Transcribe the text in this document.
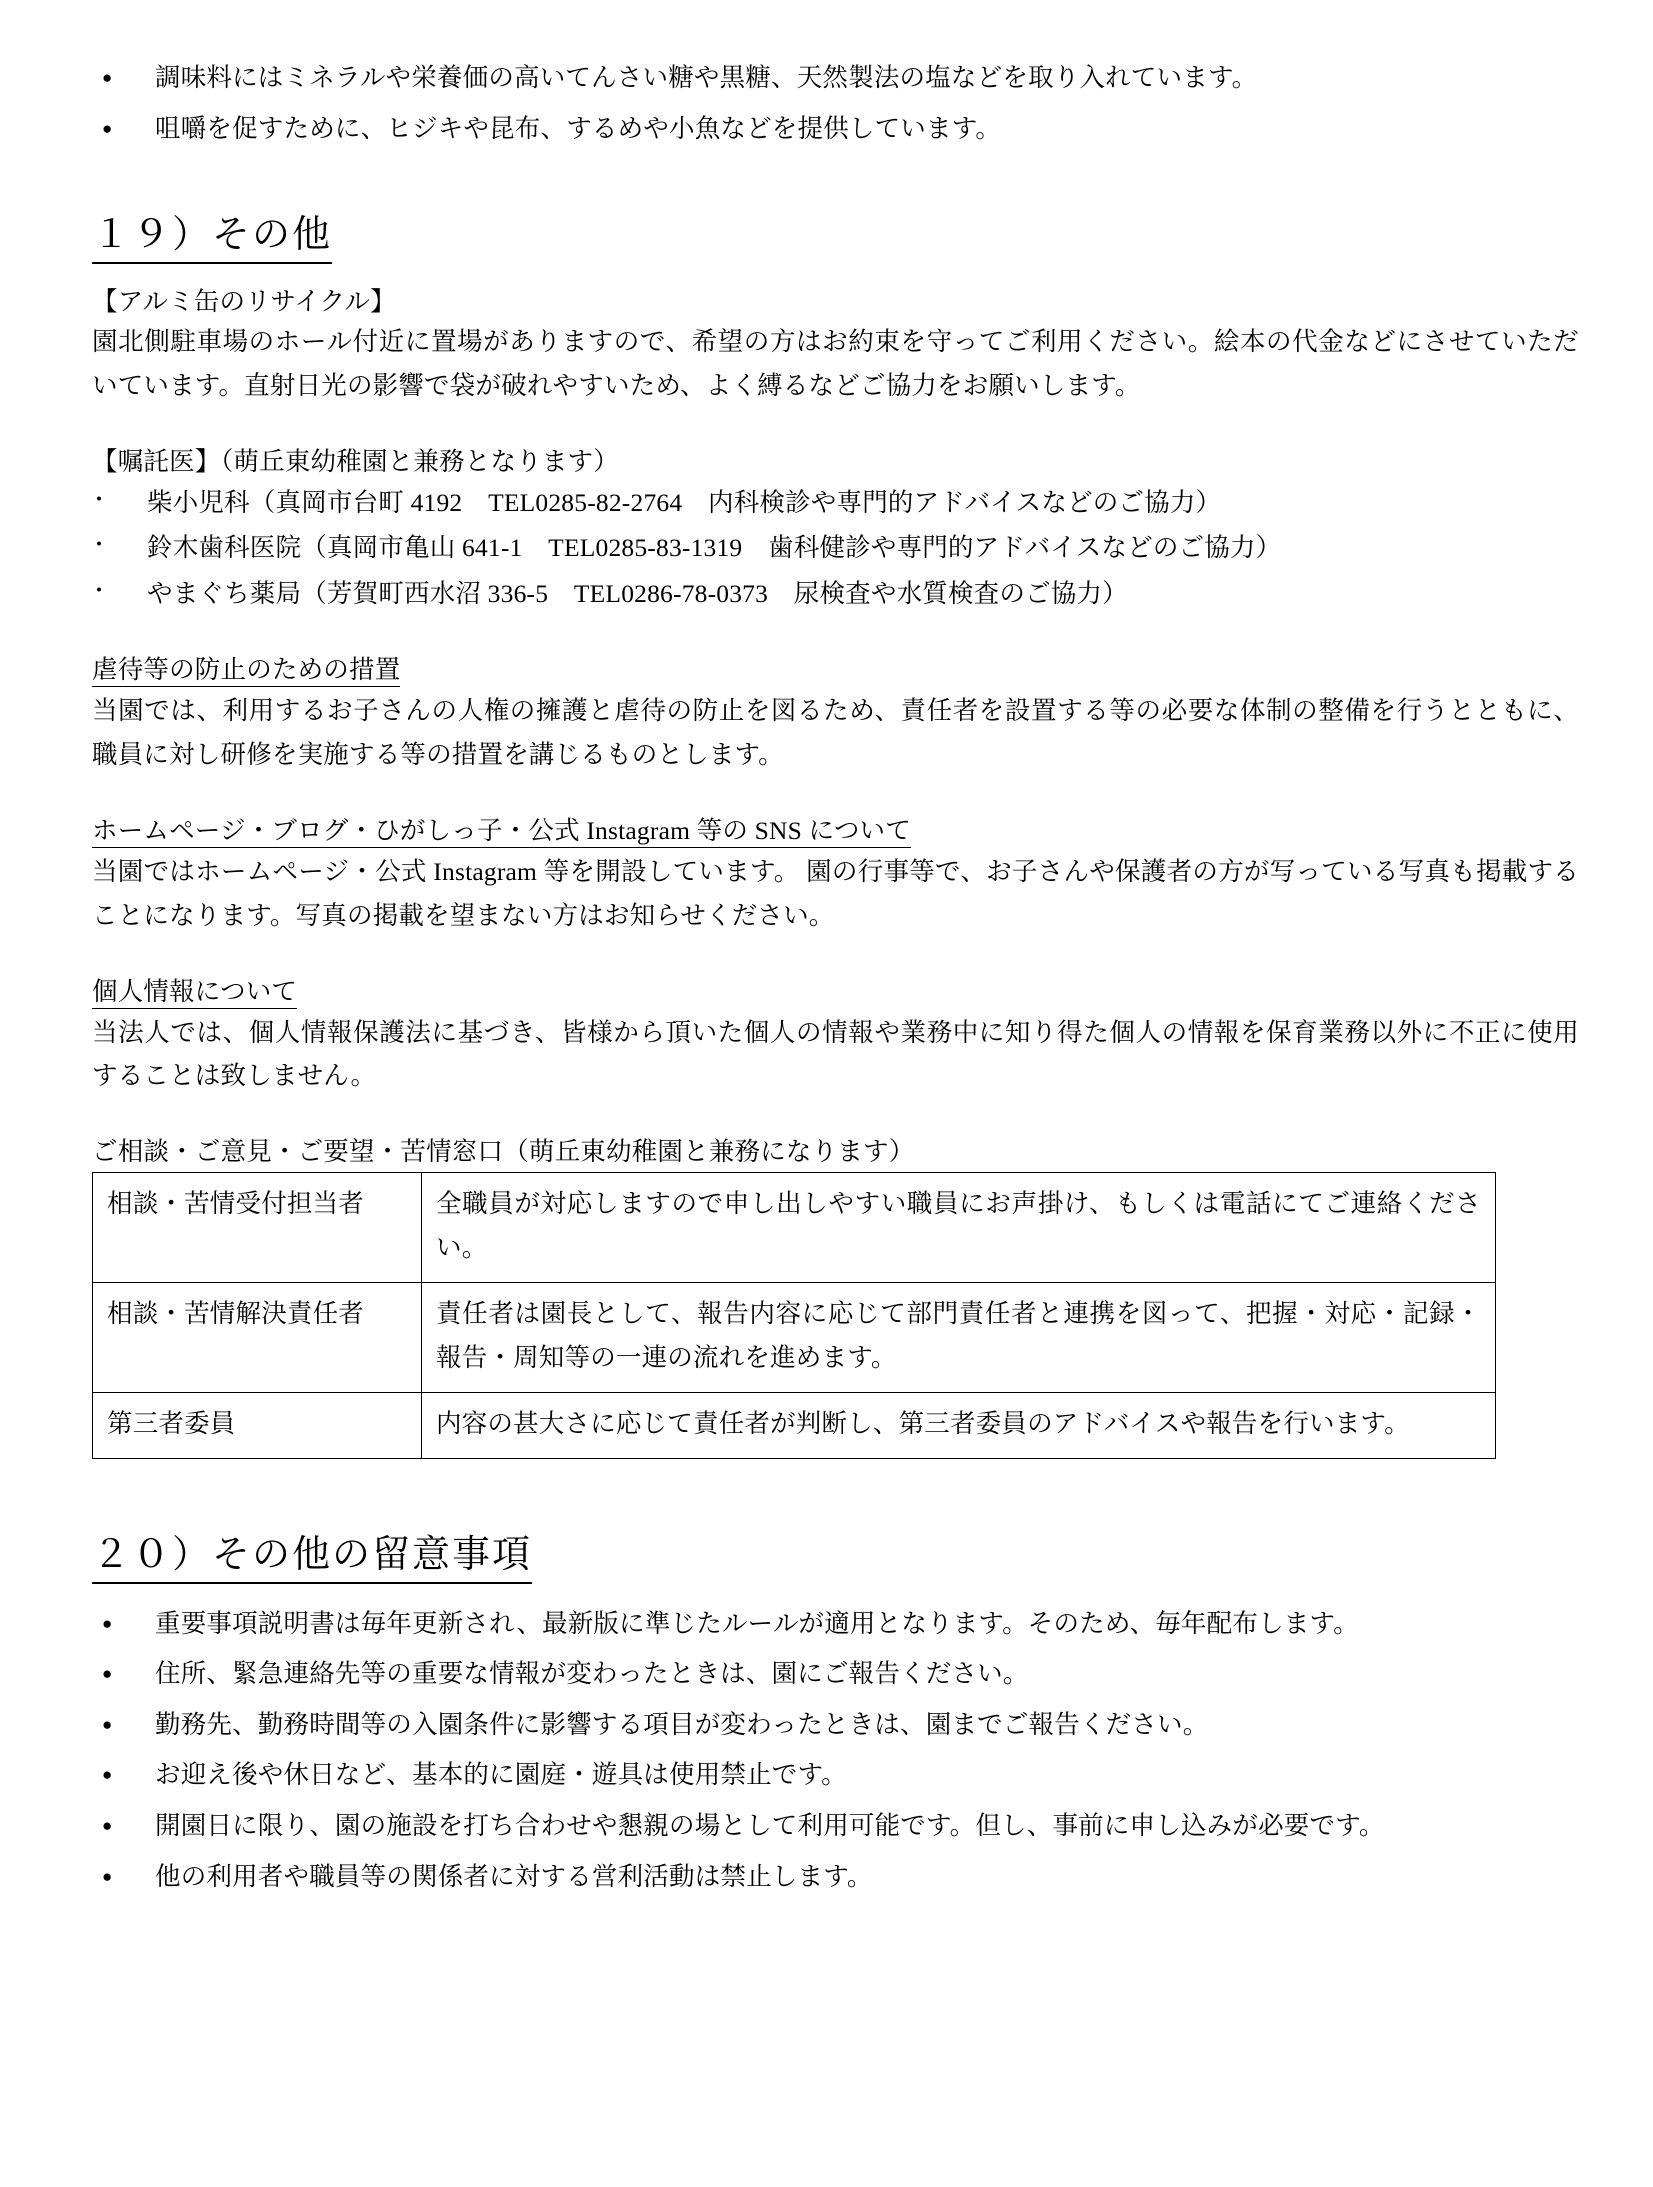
● 調味料にはミネラルや栄養価の高いてんさい糖や黒糖、天然製法の塩などを取り入れています。
● 咀嚼を促すために、ヒジキや昆布、するめや小魚などを提供しています。
１９）その他
【アルミ缶のリサイクル】

園北側駐車場のホール付近に置場がありますので、希望の方はお約束を守ってご利用ください。絵本の代金などにさせていただいています。直射日光の影響で袋が破れやすいため、よく縛るなどご協力をお願いします。

【嘱託医】（萌丘東幼稚園と兼務となります）
・ 柴小児科（真岡市台町 4192　TEL0285-82-2764　内科検診や専門的アドバイスなどのご協力）
・ 鈴木歯科医院（真岡市亀山 641-1　TEL0285-83-1319　歯科健診や専門的アドバイスなどのご協力）
・ やまぐち薬局（芳賀町西水沼 336-5　TEL0286-78-0373　尿検査や水質検査のご協力）
虐待等の防止のための措置

当園では、利用するお子さんの人権の擁護と虐待の防止を図るため、責任者を設置する等の必要な体制の整備を行うとともに、職員に対し研修を実施する等の措置を講じるものとします。

ホームページ・ブログ・ひがしっ子・公式 Instagram 等の SNS について

当園ではホームページ・公式 Instagram 等を開設しています。 園の行事等で、お子さんや保護者の方が写っている写真も掲載することになります。写真の掲載を望まない方はお知らせください。

個人情報について

当法人では、個人情報保護法に基づき、皆様から頂いた個人の情報や業務中に知り得た個人の情報を保育業務以外に不正に使用することは致しません。

ご相談・ご意見・ご要望・苦情窓口（萌丘東幼稚園と兼務になります）
相談・苦情受付担当者	全職員が対応しますので申し出しやすい職員にお声掛け、もしくは電話にてご連絡ください。
相談・苦情解決責任者	責任者は園長として、報告内容に応じて部門責任者と連携を図って、把握・対応・記録・報告・周知等の一連の流れを進めます。
第三者委員	内容の甚大さに応じて責任者が判断し、第三者委員のアドバイスや報告を行います。
２０）その他の留意事項
● 重要事項説明書は毎年更新され、最新版に準じたルールが適用となります。そのため、毎年配布します。
● 住所、緊急連絡先等の重要な情報が変わったときは、園にご報告ください。
● 勤務先、勤務時間等の入園条件に影響する項目が変わったときは、園までご報告ください。
● お迎え後や休日など、基本的に園庭・遊具は使用禁止です。
● 開園日に限り、園の施設を打ち合わせや懇親の場として利用可能です。但し、事前に申し込みが必要です。
● 他の利用者や職員等の関係者に対する営利活動は禁止します。
